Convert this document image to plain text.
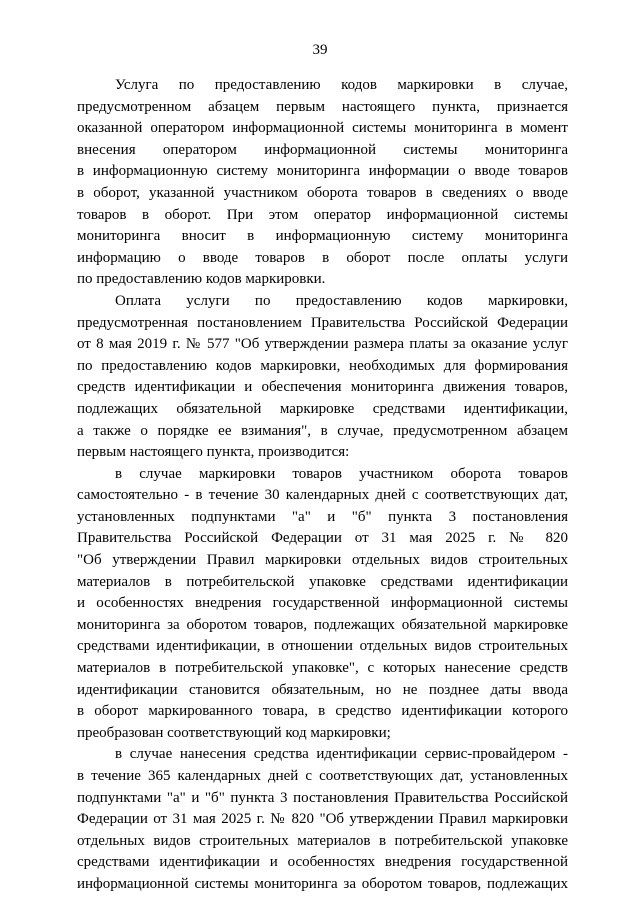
39
Услуга по предоставлению кодов маркировки в случае,
предусмотренном абзацем первым настоящего пункта, признается
оказанной оператором информационной системы мониторинга в момент
внесения оператором информационной системы мониторинга
в информационную систему мониторинга информации о вводе товаров
в оборот, указанной участником оборота товаров в сведениях о вводе
товаров в оборот. При этом оператор информационной системы
мониторинга вносит в информационную систему мониторинга
информацию о вводе товаров в оборот после оплаты услуги
по предоставлению кодов маркировки.
Оплата услуги по предоставлению кодов маркировки,
предусмотренная постановлением Правительства Российской Федерации
от 8 мая 2019 г. № 577 "Об утверждении размера платы за оказание услуг
по предоставлению кодов маркировки, необходимых для формирования
средств идентификации и обеспечения мониторинга движения товаров,
подлежащих обязательной маркировке средствами идентификации,
а также о порядке ее взимания", в случае, предусмотренном абзацем
первым настоящего пункта, производится:
в случае маркировки товаров участником оборота товаров
самостоятельно - в течение 30 календарных дней с соответствующих дат,
установленных подпунктами "а" и "б" пункта 3 постановления
Правительства Российской Федерации от 31 мая 2025 г. № 820
"Об утверждении Правил маркировки отдельных видов строительных
материалов в потребительской упаковке средствами идентификации
и особенностях внедрения государственной информационной системы
мониторинга за оборотом товаров, подлежащих обязательной маркировке
средствами идентификации, в отношении отдельных видов строительных
материалов в потребительской упаковке", с которых нанесение средств
идентификации становится обязательным, но не позднее даты ввода
в оборот маркированного товара, в средство идентификации которого
преобразован соответствующий код маркировки;
в случае нанесения средства идентификации сервис-провайдером -
в течение 365 календарных дней с соответствующих дат, установленных
подпунктами "а" и "б" пункта 3 постановления Правительства Российской
Федерации от 31 мая 2025 г. № 820 "Об утверждении Правил маркировки
отдельных видов строительных материалов в потребительской упаковке
средствами идентификации и особенностях внедрения государственной
информационной системы мониторинга за оборотом товаров, подлежащих
